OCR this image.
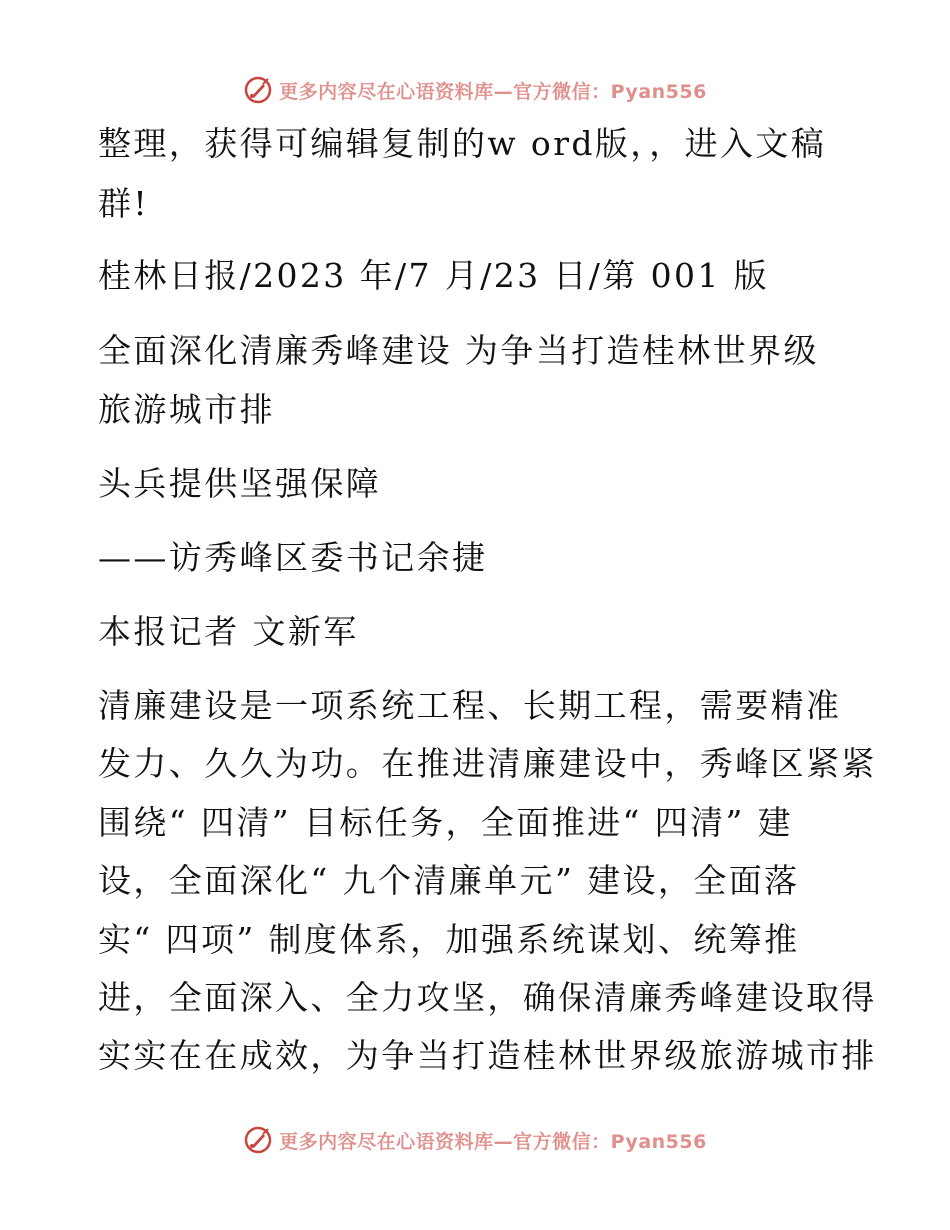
更多内容尽在心语资料库—官方微信：Pyan556
整理，获得可编辑复制的w ord版，，进入文稿
群!
桂林日报/2023 年/7 月/23 日/第 001 版
全面深化清廉秀峰建设 为争当打造桂林世界级
旅游城市排
头兵提供坚强保障
——访秀峰区委书记余捷
本报记者 文新军
清廉建设是一项系统工程、长期工程，需要精准
发力、久久为功。在推进清廉建设中，秀峰区紧紧
围绕“ 四清” 目标任务，全面推进“ 四清” 建
设，全面深化“ 九个清廉单元” 建设，全面落
实“ 四项” 制度体系，加强系统谋划、统筹推
进，全面深入、全力攻坚，确保清廉秀峰建设取得
实实在在成效，为争当打造桂林世界级旅游城市排
更多内容尽在心语资料库—官方微信：Pyan556
